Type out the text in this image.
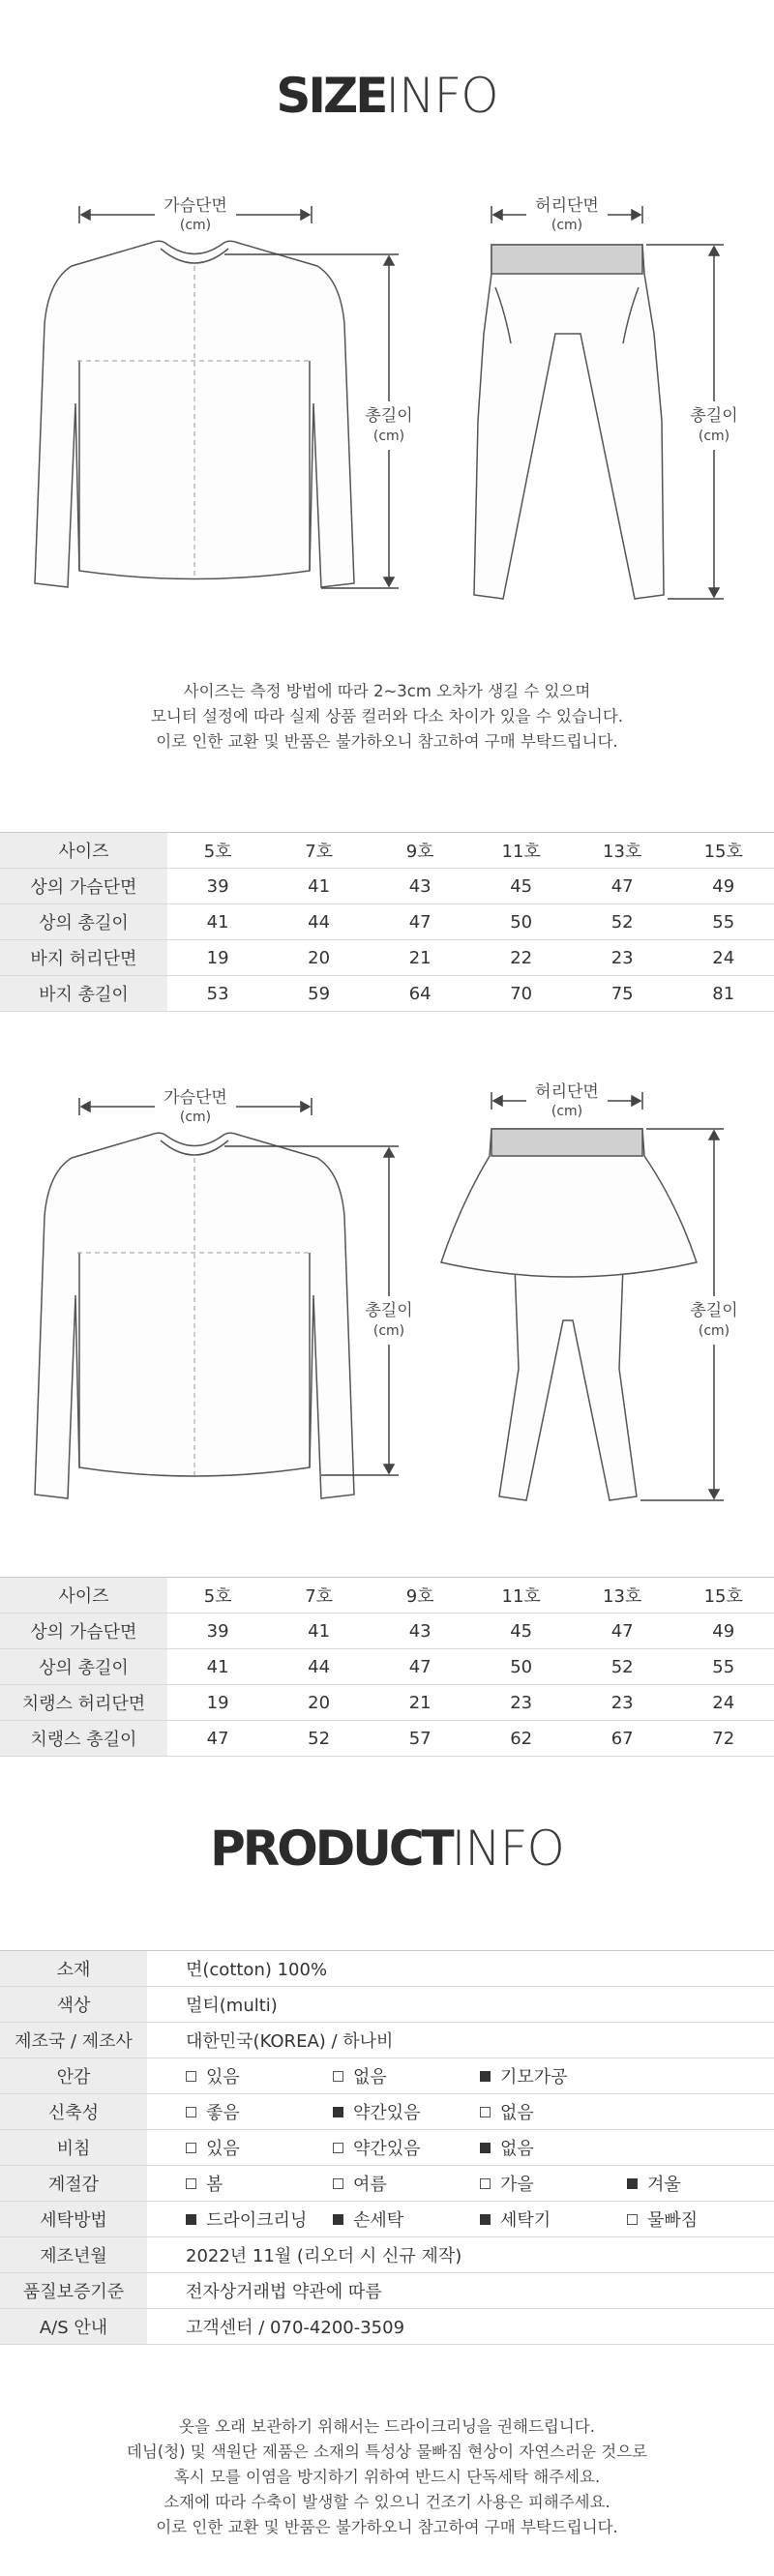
SIZEINFO
가슴단면
(cm)
총길이
(cm)
허리단면
(cm)
총길이
(cm)
사이즈는 측정 방법에 따라 2~3cm 오차가 생길 수 있으며
모니터 설정에 따라 실제 상품 컬러와 다소 차이가 있을 수 있습니다.
이로 인한 교환 및 반품은 불가하오니 참고하여 구매 부탁드립니다.
사이즈	5호	7호	9호	11호	13호	15호
상의 가슴단면	39	41	43	45	47	49
상의 총길이	41	44	47	50	52	55
바지 허리단면	19	20	21	22	23	24
바지 총길이	53	59	64	70	75	81
가슴단면
(cm)
총길이
(cm)
허리단면
(cm)
총길이
(cm)
사이즈	5호	7호	9호	11호	13호	15호
상의 가슴단면	39	41	43	45	47	49
상의 총길이	41	44	47	50	52	55
치랭스 허리단면	19	20	21	23	23	24
치랭스 총길이	47	52	57	62	67	72
PRODUCTINFO
소재	면(cotton) 100%
색상	멀티(multi)
제조국 / 제조사	대한민국(KOREA) / 하나비
안감	있음 없음 기모가공

신축성	좋음 약간있음 없음

비침	있음 약간있음 없음

계절감	봄 여름 가을 겨울

세탁방법	드라이크리닝 손세탁 세탁기 물빠짐

제조년월	2022년 11월 (리오더 시 신규 제작)
품질보증기준	전자상거래법 약관에 따름
A/S 안내	고객센터 / 070-4200-3509
옷을 오래 보관하기 위해서는 드라이크리닝을 권해드립니다.
데님(청) 및 색원단 제품은 소재의 특성상 물빠짐 현상이 자연스러운 것으로
혹시 모를 이염을 방지하기 위하여 반드시 단독세탁 해주세요.
소재에 따라 수축이 발생할 수 있으니 건조기 사용은 피해주세요.
이로 인한 교환 및 반품은 불가하오니 참고하여 구매 부탁드립니다.
